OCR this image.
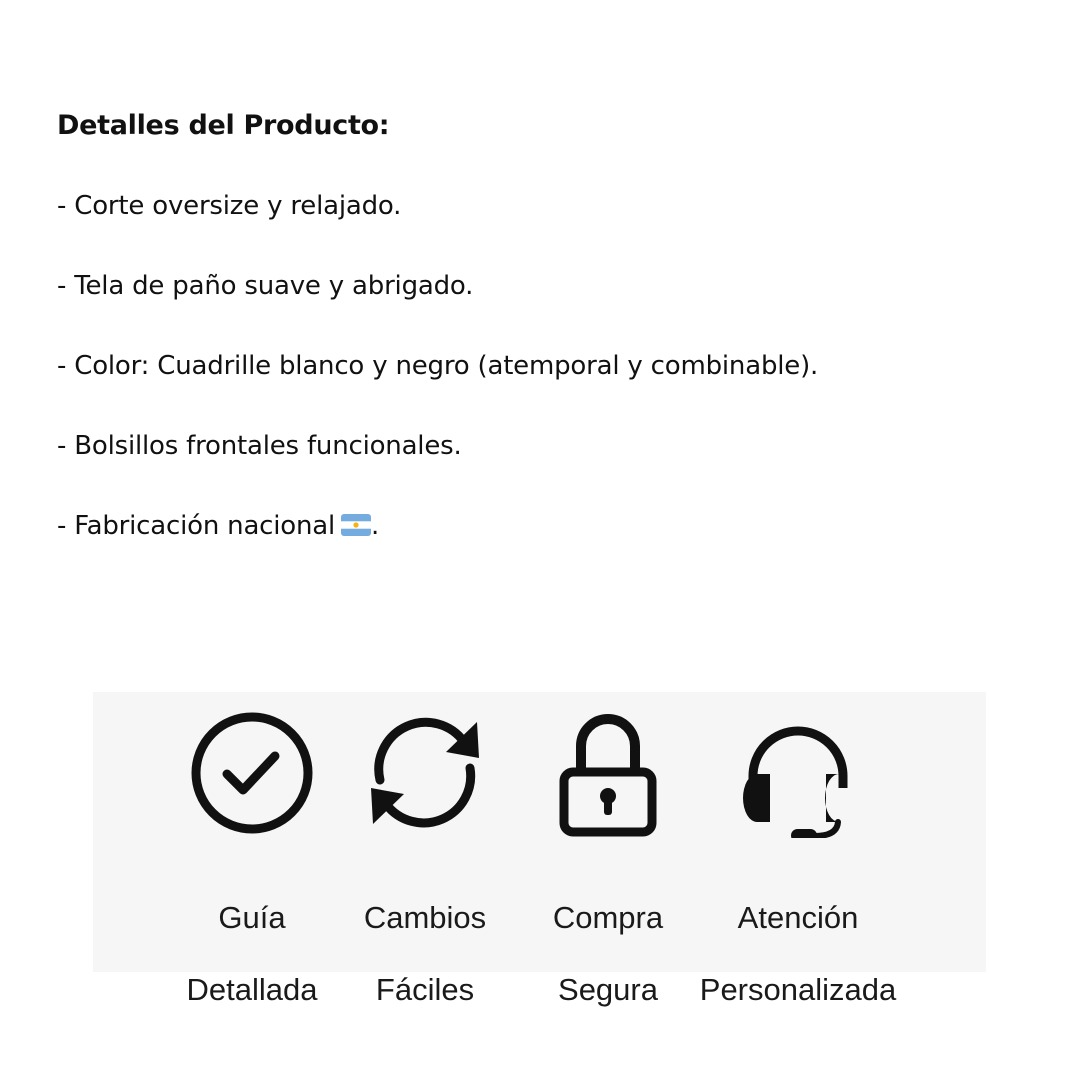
Detalles del Producto:
- Corte oversize y relajado.
- Tela de paño suave y abrigado.
- Color: Cuadrille blanco y negro (atemporal y combinable).
- Bolsillos frontales funcionales.
- Fabricación nacional .

Guía

Detallada

Cambios

Fáciles

Compra

Segura

Atención

Personalizada
